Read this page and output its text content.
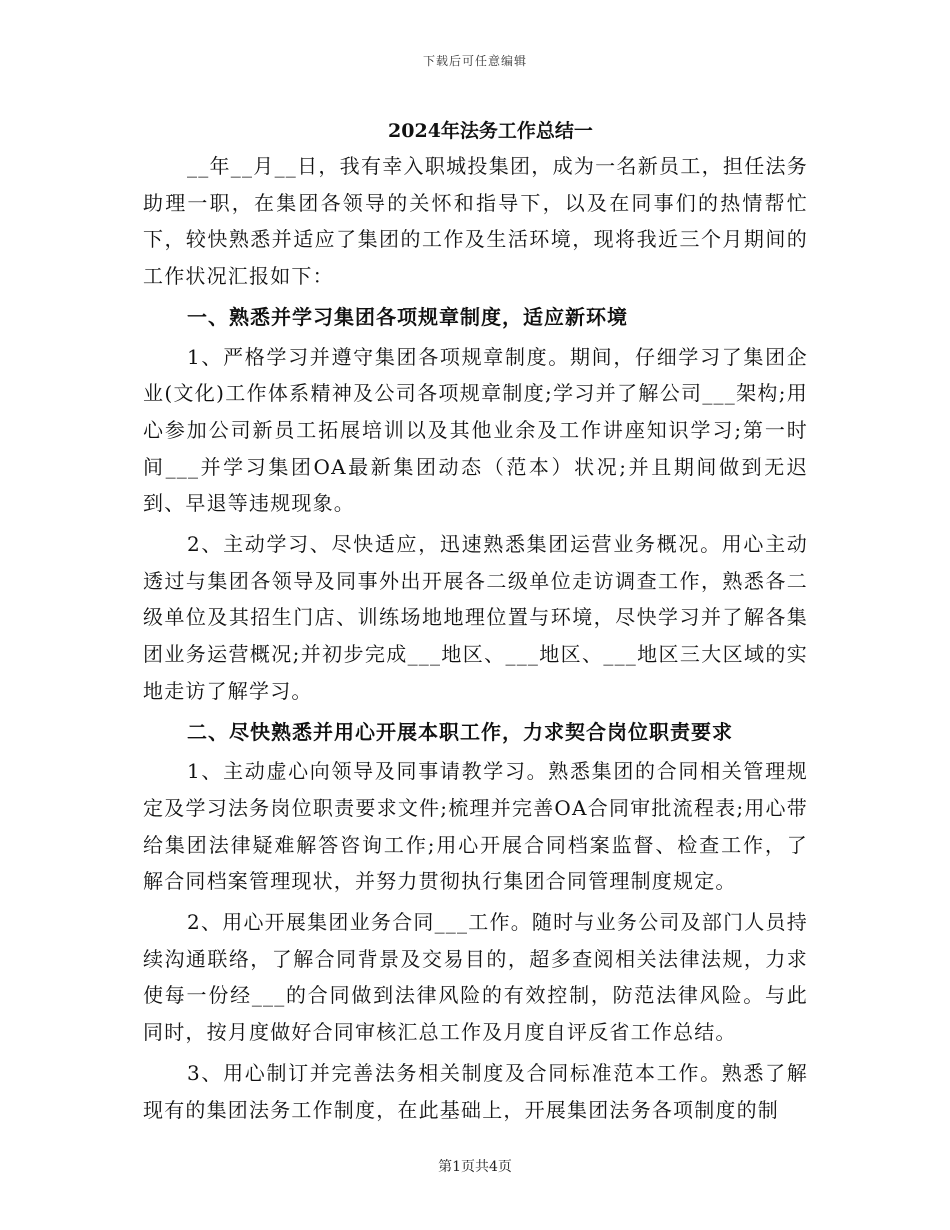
下载后可任意编辑
2024年法务工作总结一

__年__月__日，我有幸入职城投集团，成为一名新员工，担任法务助理一职，在集团各领导的关怀和指导下，以及在同事们的热情帮忙下，较快熟悉并适应了集团的工作及生活环境，现将我近三个月期间的工作状况汇报如下：

一、熟悉并学习集团各项规章制度，适应新环境

1、严格学习并遵守集团各项规章制度。期间，仔细学习了集团企业(文化)工作体系精神及公司各项规章制度;学习并了解公司___架构;用心参加公司新员工拓展培训以及其他业余及工作讲座知识学习;第一时间___并学习集团OA最新集团动态（范本）状况;并且期间做到无迟到、早退等违规现象。

2、主动学习、尽快适应，迅速熟悉集团运营业务概况。用心主动透过与集团各领导及同事外出开展各二级单位走访调查工作，熟悉各二级单位及其招生门店、训练场地地理位置与环境，尽快学习并了解各集团业务运营概况;并初步完成___地区、___地区、___地区三大区域的实地走访了解学习。

二、尽快熟悉并用心开展本职工作，力求契合岗位职责要求

1、主动虚心向领导及同事请教学习。熟悉集团的合同相关管理规定及学习法务岗位职责要求文件;梳理并完善OA合同审批流程表;用心带给集团法律疑难解答咨询工作;用心开展合同档案监督、检查工作，了解合同档案管理现状，并努力贯彻执行集团合同管理制度规定。

2、用心开展集团业务合同___工作。随时与业务公司及部门人员持续沟通联络，了解合同背景及交易目的，超多查阅相关法律法规，力求使每一份经___的合同做到法律风险的有效控制，防范法律风险。与此同时，按月度做好合同审核汇总工作及月度自评反省工作总结。

3、用心制订并完善法务相关制度及合同标准范本工作。熟悉了解现有的集团法务工作制度，在此基础上，开展集团法务各项制度的制

第1页共4页
